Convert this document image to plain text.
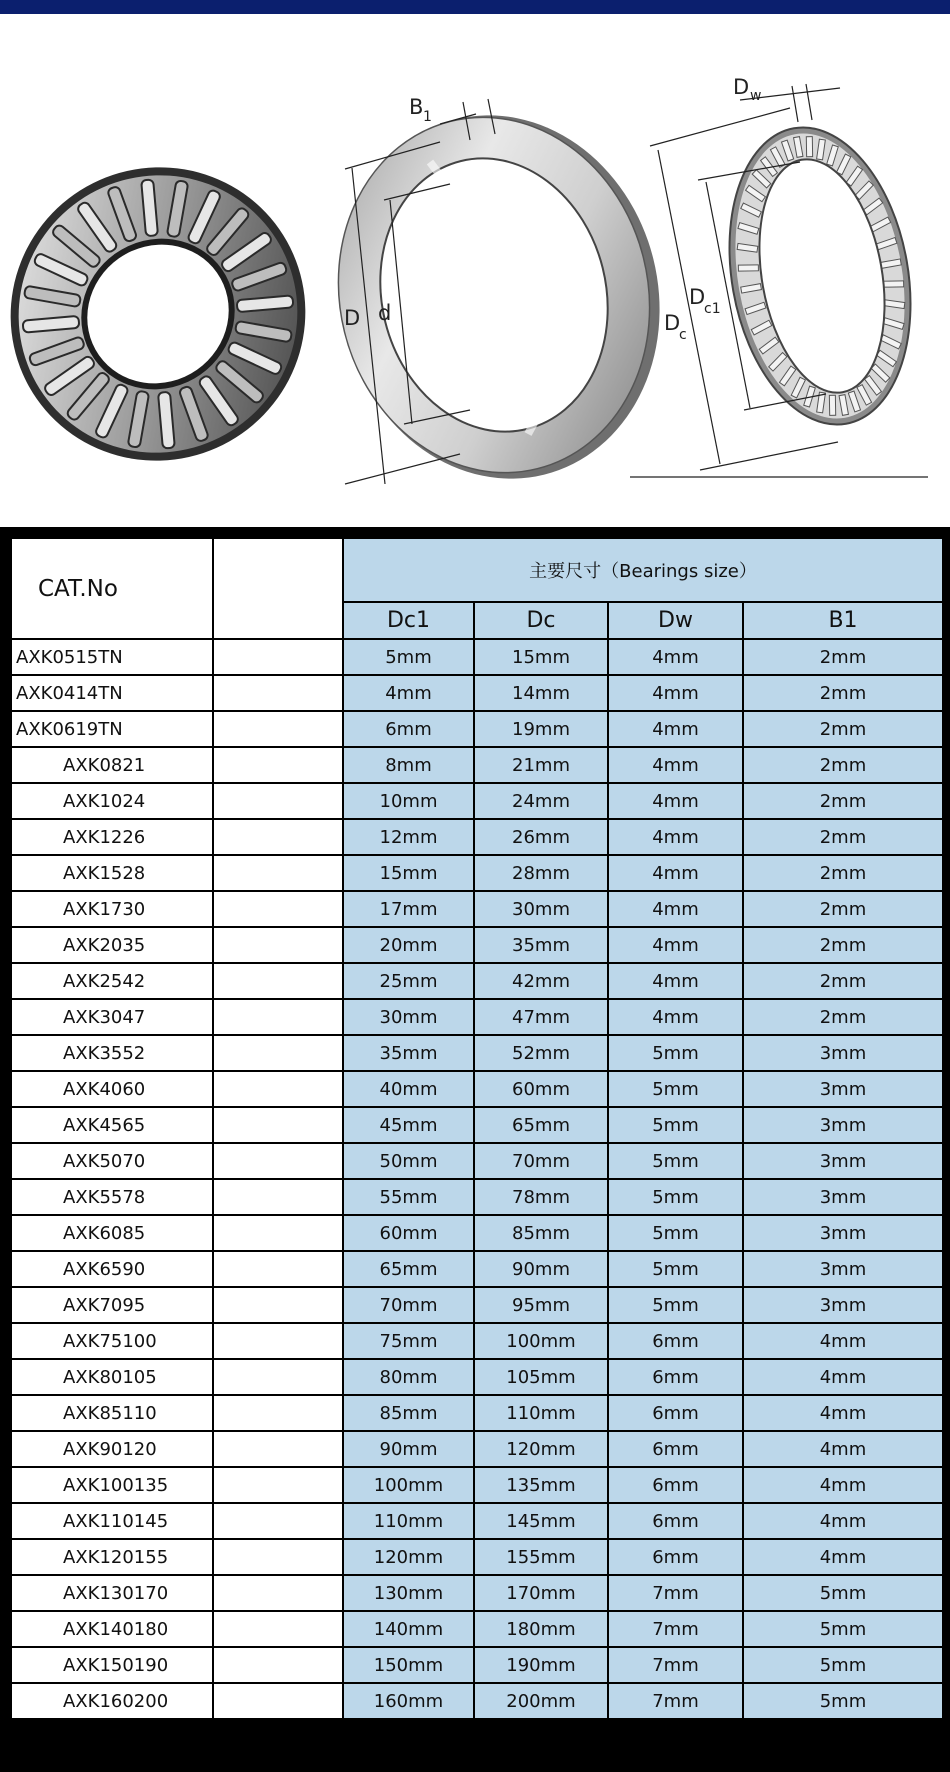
B 1
D d
D w
D
c
D
c1
CAT.No		主要尺寸（Bearings size）			
		Dc1	Dc	Dw	B1
AXK0515TN		5mm	15mm	4mm	2mm
AXK0414TN		4mm	14mm	4mm	2mm
AXK0619TN		6mm	19mm	4mm	2mm
AXK0821		8mm	21mm	4mm	2mm
AXK1024		10mm	24mm	4mm	2mm
AXK1226		12mm	26mm	4mm	2mm
AXK1528		15mm	28mm	4mm	2mm
AXK1730		17mm	30mm	4mm	2mm
AXK2035		20mm	35mm	4mm	2mm
AXK2542		25mm	42mm	4mm	2mm
AXK3047		30mm	47mm	4mm	2mm
AXK3552		35mm	52mm	5mm	3mm
AXK4060		40mm	60mm	5mm	3mm
AXK4565		45mm	65mm	5mm	3mm
AXK5070		50mm	70mm	5mm	3mm
AXK5578		55mm	78mm	5mm	3mm
AXK6085		60mm	85mm	5mm	3mm
AXK6590		65mm	90mm	5mm	3mm
AXK7095		70mm	95mm	5mm	3mm
AXK75100		75mm	100mm	6mm	4mm
AXK80105		80mm	105mm	6mm	4mm
AXK85110		85mm	110mm	6mm	4mm
AXK90120		90mm	120mm	6mm	4mm
AXK100135		100mm	135mm	6mm	4mm
AXK110145		110mm	145mm	6mm	4mm
AXK120155		120mm	155mm	6mm	4mm
AXK130170		130mm	170mm	7mm	5mm
AXK140180		140mm	180mm	7mm	5mm
AXK150190		150mm	190mm	7mm	5mm
AXK160200		160mm	200mm	7mm	5mm
